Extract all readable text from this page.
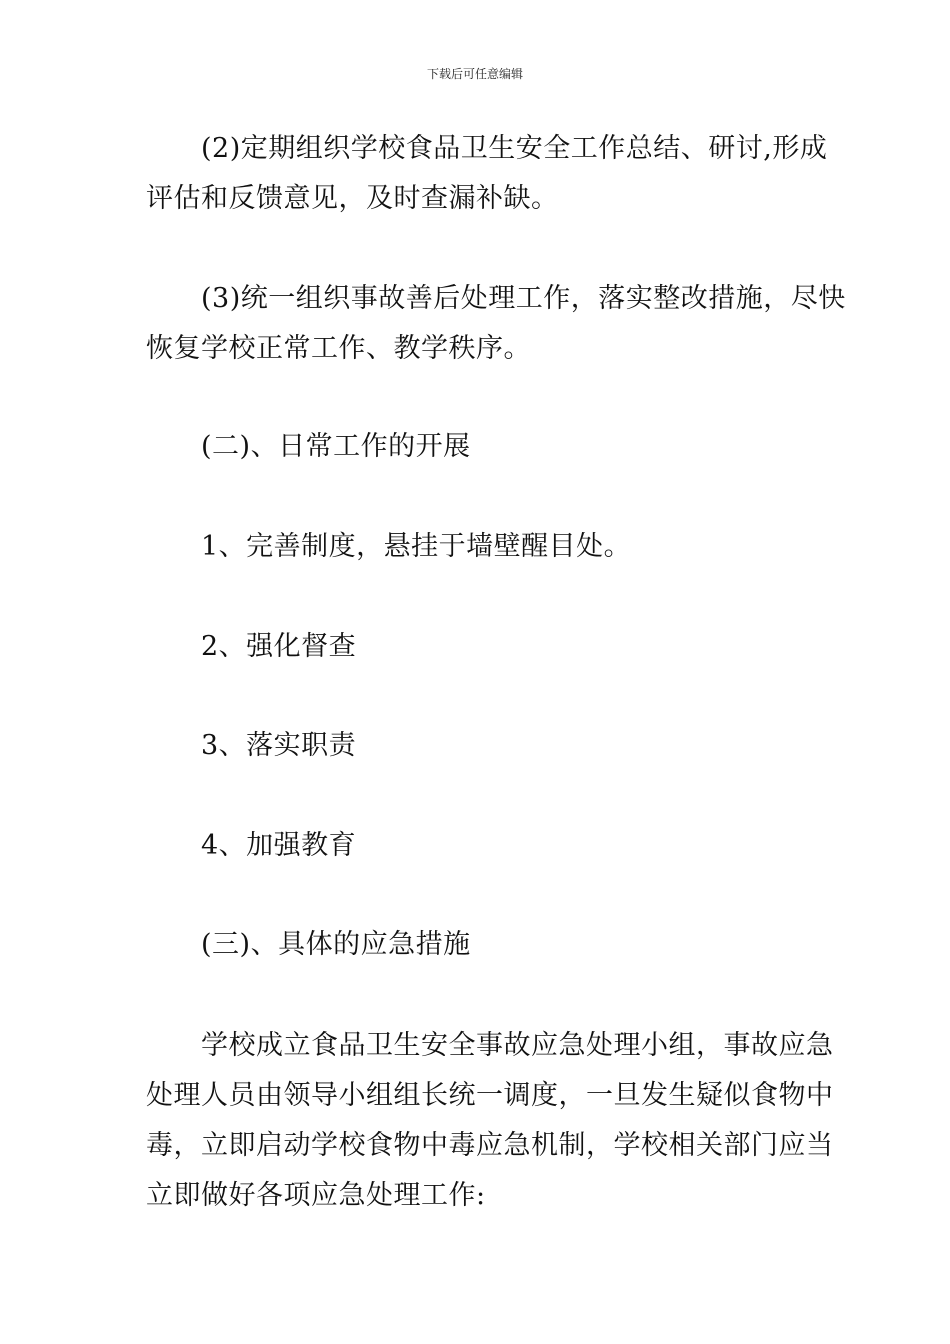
下载后可任意编辑
　　(2)定期组织学校食品卫生安全工作总结、研讨,形成
评估和反馈意见，及时查漏补缺。
　　(3)统一组织事故善后处理工作，落实整改措施，尽快
恢复学校正常工作、教学秩序。
　　(二)、日常工作的开展
　　1、完善制度，悬挂于墙壁醒目处。
　　2、强化督查
　　3、落实职责
　　4、加强教育
　　(三)、具体的应急措施
　　学校成立食品卫生安全事故应急处理小组，事故应急
处理人员由领导小组组长统一调度，一旦发生疑似食物中
毒，立即启动学校食物中毒应急机制，学校相关部门应当
立即做好各项应急处理工作:
